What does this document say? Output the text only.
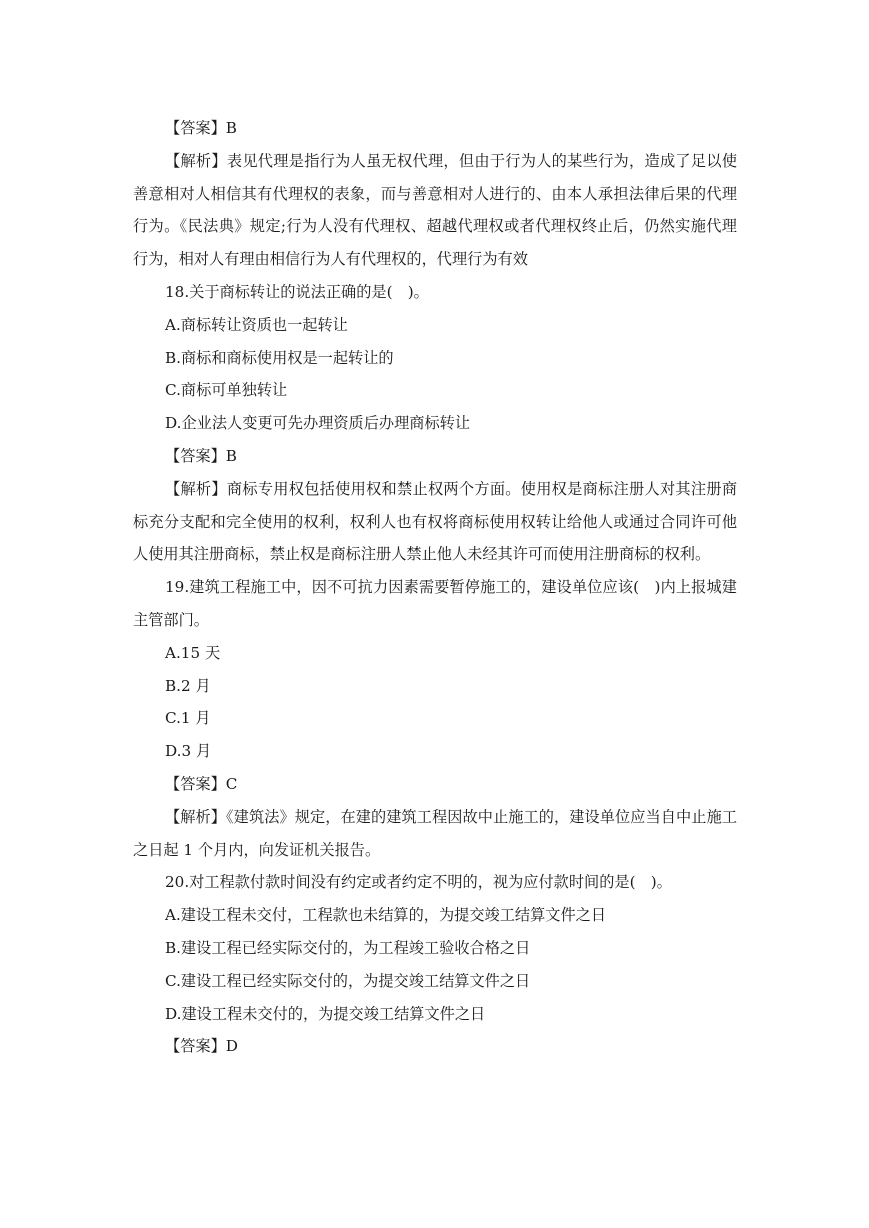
【答案】B

【解析】表见代理是指行为人虽无权代理，但由于行为人的某些行为，造成了足以使善意相对人相信其有代理权的表象，而与善意相对人进行的、由本人承担法律后果的代理行为。《民法典》规定;行为人没有代理权、超越代理权或者代理权终止后，仍然实施代理行为，相对人有理由相信行为人有代理权的，代理行为有效

18.关于商标转让的说法正确的是(　)。

A.商标转让资质也一起转让

B.商标和商标使用权是一起转让的

C.商标可单独转让

D.企业法人变更可先办理资质后办理商标转让

【答案】B

【解析】商标专用权包括使用权和禁止权两个方面。使用权是商标注册人对其注册商标充分支配和完全使用的权利，权利人也有权将商标使用权转让给他人或通过合同许可他人使用其注册商标，禁止权是商标注册人禁止他人未经其许可而使用注册商标的权利。

19.建筑工程施工中，因不可抗力因素需要暂停施工的，建设单位应该(　)内上报城建主管部门。

A.15 天

B.2 月

C.1 月

D.3 月

【答案】C

【解析】《建筑法》规定，在建的建筑工程因故中止施工的，建设单位应当自中止施工之日起 1 个月内，向发证机关报告。

20.对工程款付款时间没有约定或者约定不明的，视为应付款时间的是(　)。

A.建设工程未交付，工程款也未结算的，为提交竣工结算文件之日

B.建设工程已经实际交付的，为工程竣工验收合格之日

C.建设工程已经实际交付的，为提交竣工结算文件之日

D.建设工程未交付的，为提交竣工结算文件之日

【答案】D
